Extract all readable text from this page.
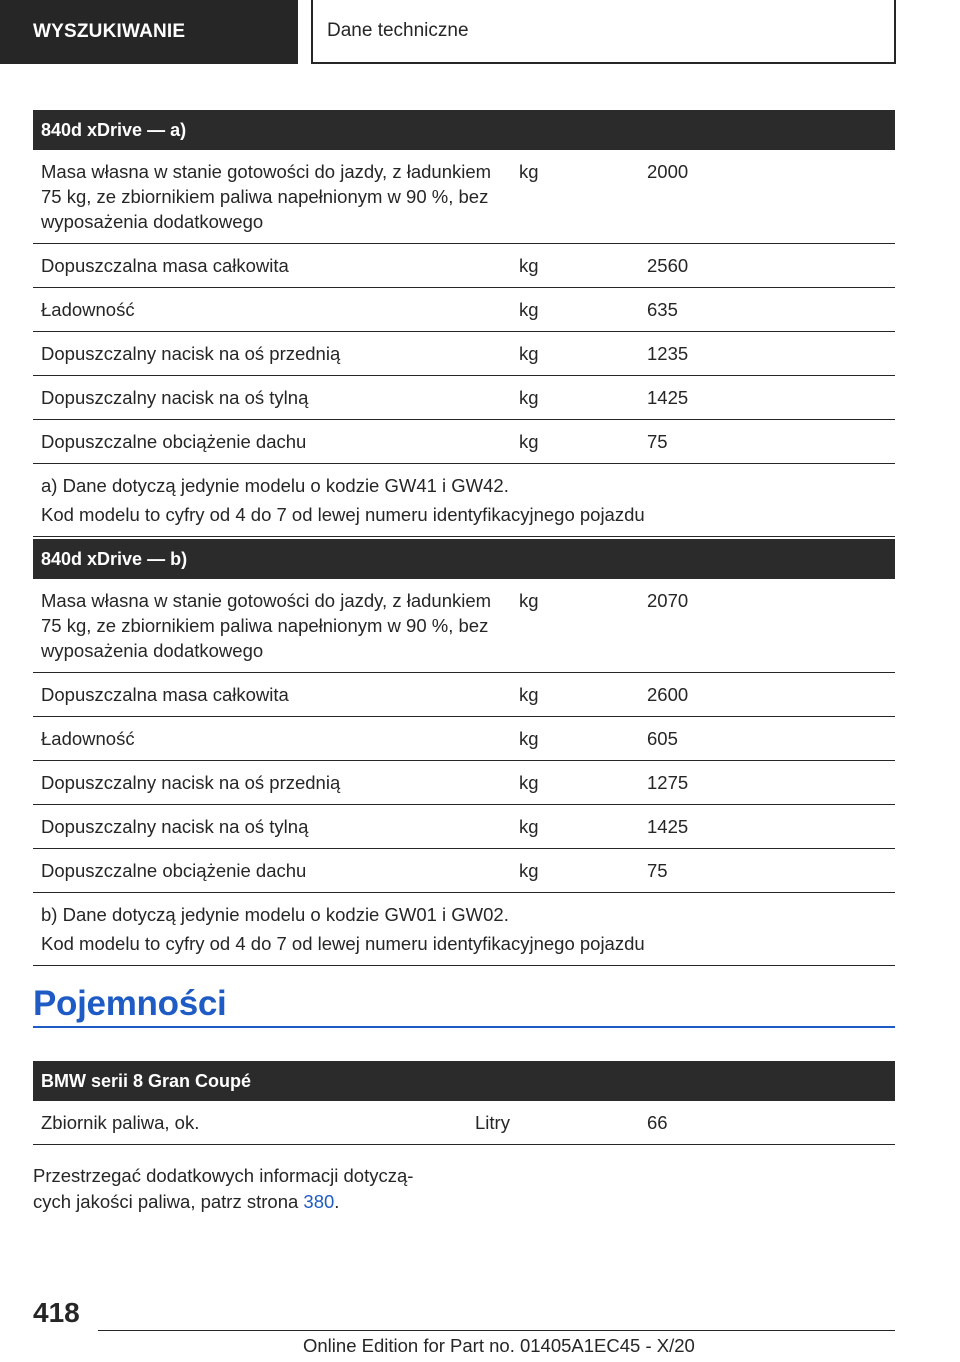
WYSZUKIWANIE	Dane techniczne
840d xDrive — a)		
Masa własna w stanie gotowości do jazdy, z ładunkiem 75 kg, ze zbiornikiem paliwa napełnionym w 90 %, bez wyposażenia dodatkowego	kg	2000
Dopuszczalna masa całkowita	kg	2560
Ładowność	kg	635
Dopuszczalny nacisk na oś przednią	kg	1235
Dopuszczalny nacisk na oś tylną	kg	1425
Dopuszczalne obciążenie dachu	kg	75

a) Dane dotyczą jedynie modelu o kodzie GW41 i GW42.
Kod modelu to cyfry od 4 do 7 od lewej numeru identyfikacyjnego pojazdu		
840d xDrive — b)		
Masa własna w stanie gotowości do jazdy, z ładunkiem 75 kg, ze zbiornikiem paliwa napełnionym w 90 %, bez wyposażenia dodatkowego	kg	2070
Dopuszczalna masa całkowita	kg	2600
Ładowność	kg	605
Dopuszczalny nacisk na oś przednią	kg	1275
Dopuszczalny nacisk na oś tylną	kg	1425
Dopuszczalne obciążenie dachu	kg	75

b) Dane dotyczą jedynie modelu o kodzie GW01 i GW02.
Kod modelu to cyfry od 4 do 7 od lewej numeru identyfikacyjnego pojazdu		
Pojemności
BMW serii 8 Gran Coupé
Zbiornik paliwa, ok.	Litry	66
Przestrzegać dodatkowych informacji dotyczą‐ cych jakości paliwa, patrz strona 380.
418
Online Edition for Part no. 01405A1EC45 - X/20
